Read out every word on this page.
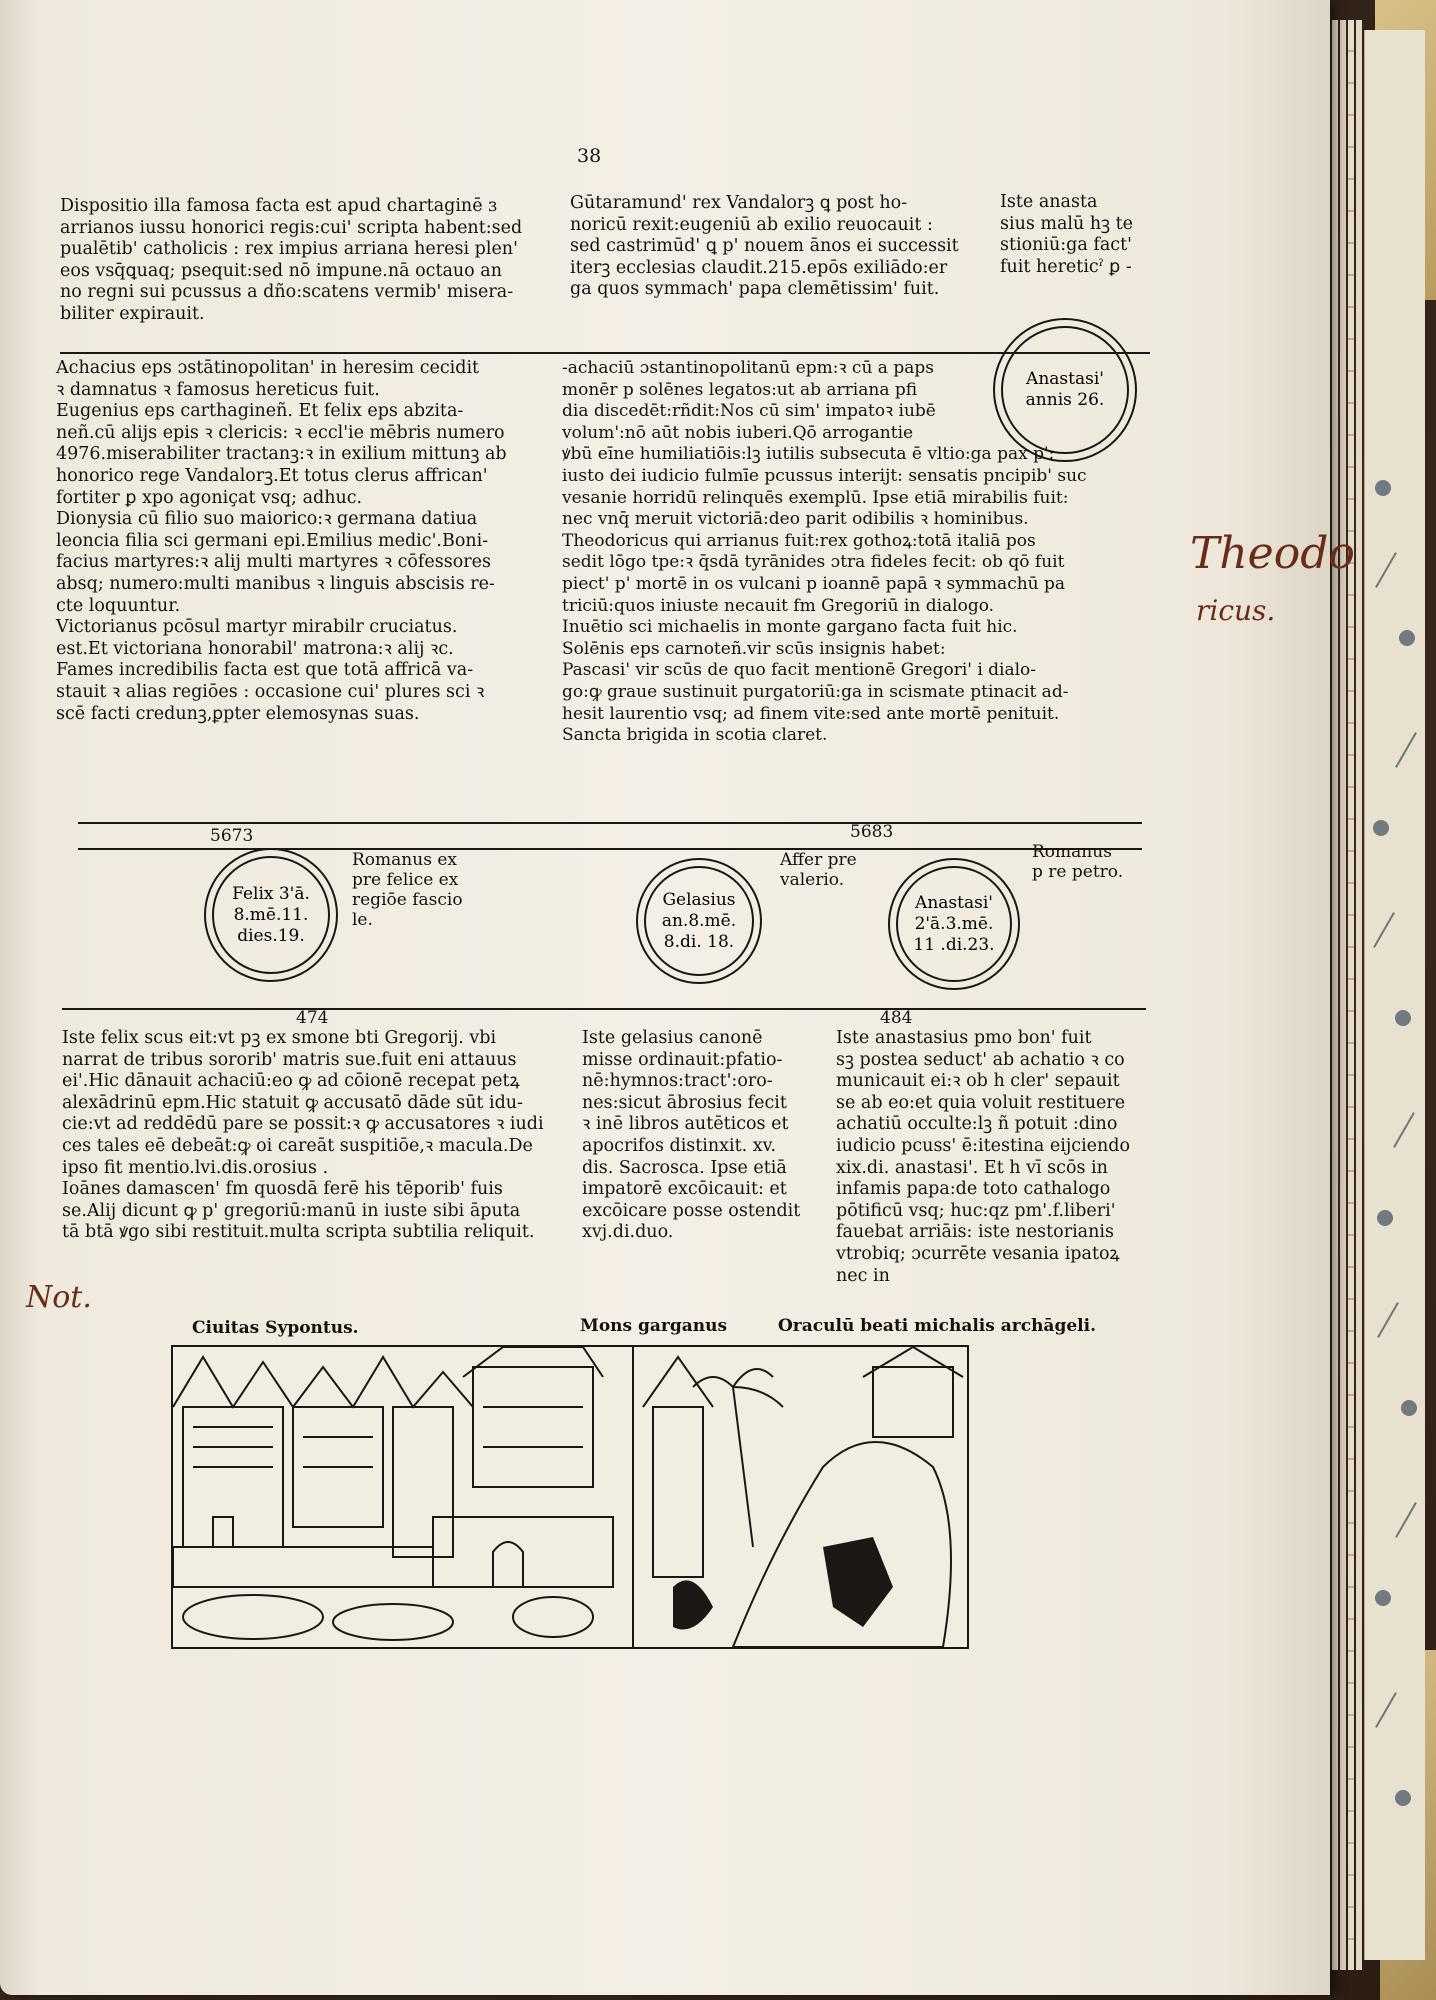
38

Dispositio illa famosa facta est apud chartaginē ɜ

arrianos iussu honorici regis:cui' scripta habent:sed

pualētib' catholicis : rex impius arriana heresi plen'

eos vsq̄ꝗuaq; psequit:sed nō impune.nā octauo an

no regni sui pcussus a dño:scatens vermib' misera-

biliter expirauit.

Gūtaramund' rex Vandalorꝫ ꝗ post ho-

noricū rexit:eugeniū ab exilio reuocauit :

sed castrimūd' ꝗ p' nouem ānos ei successit

iterꝫ ecclesias claudit.215.epōs exiliādo:er

ga quos symmach' papa clemētissim' fuit.

Iste anasta

sius malū hꝫ te

stioniū:ga fact'

fuit hereticˀ ꝑ -

Anastasi'
annis 26.

Achacius eps ɔstātinopolitan' in heresim cecidit

ꝛ damnatus ꝛ famosus hereticus fuit.

Eugenius eps carthagineñ. Et felix eps abzita-

neñ.cū alijs epis ꝛ clericis: ꝛ eccl'ie mēbris numero

4976.miserabiliter tractanꝫ:ꝛ in exilium mittunꝫ ab

honorico rege Vandalorꝫ.Et totus clerus affrican'

fortiter ꝑ xpo agoniçat vsq; adhuc.

Dionysia cū filio suo maiorico:ꝛ germana datiua

leoncia filia sci germani epi.Emilius medic'.Boni-

facius martyres:ꝛ alij multi martyres ꝛ cōfessores

absq; numero:multi manibus ꝛ linguis abscisis re-

cte loquuntur.

Victorianus pcōsul martyr mirabilr cruciatus.

est.Et victoriana honorabil' matrona:ꝛ alij ꝛc.

Fames incredibilis facta est que totā affricā va-

stauit ꝛ alias regiōes : occasione cui' plures sci ꝛ

scē facti credunꝫ,ꝑpter elemosynas suas.

-achaciū ɔstantinopolitanū epm:ꝛ cū a paps

monēr p solēnes legatos:ut ab arriana pfi

dia discedēt:rñdit:Nos cū sim' impatoꝛ iubē

volum':nō aūt nobis iuberi.Qō arrogantie

ꝟbū eīne humiliatiōis:lꝫ iutilis subsecuta ē vltio:ga pax p':

iusto dei iudicio fulmīe pcussus interijt: sensatis pncipib' suc

vesanie horridū relinquēs exemplū. Ipse etiā mirabilis fuit:

nec vnq̄ meruit victoriā:deo parit odibilis ꝛ hominibus.

Theodoricus qui arrianus fuit:rex gothoꝝ:totā italiā pos

sedit lōgo tpe:ꝛ q̄sdā tyrānides ɔtra fideles fecit: ob qō fuit

piect' p' mortē in os vulcani p ioannē papā ꝛ symmachū pa

triciū:quos iniuste necauit fm Gregoriū in dialogo.

Inuētio sci michaelis in monte gargano facta fuit hic.

Solēnis eps carnoteñ.vir scūs insignis habet:

Pascasi' vir scūs de quo facit mentionē Gregori' i dialo-

go:ꝙ graue sustinuit purgatoriū:ga in scismate ptinacit ad-

hesit laurentio vsq; ad finem vite:sed ante mortē penituit.

Sancta brigida in scotia claret.

5673	5683
Felix 3'ā.
8.mē.11.
dies.19.
Romanus ex
pre felice ex
regiōe fascio
le.
Gelasius
an.8.mē.
8.di. 18.
Affer pre
valerio.
Anastasi'
2'ā.3.mē.
11 .di.23.
Romanus
p re petro.
474	484

Iste felix scus eit:vt pꝫ ex smone bti Gregorij. vbi

narrat de tribus sororib' matris sue.fuit eni attauus

ei'.Hic dānauit achaciū:eo ꝙ ad cōionē recepat petꝝ

alexādrinū epm.Hic statuit ꝙ accusatō dāde sūt idu-

cie:vt ad reddēdū pare se possit:ꝛ ꝙ accusatores ꝛ iudi

ces tales eē debeāt:ꝙ oi careāt suspitiōe,ꝛ macula.De

ipso fit mentio.lvi.dis.orosius .

Ioānes damascen' fm quosdā ferē his tēporib' fuis

se.Alij dicunt ꝙ p' gregoriū:manū in iuste sibi āputa

tā btā ꝟgo sibi restituit.multa scripta subtilia reliquit.

Iste gelasius canonē

misse ordinauit:pfatio-

nē:hymnos:tract':oro-

nes:sicut ābrosius fecit

ꝛ inē libros autēticos et

apocrifos distinxit. xv.

dis. Sacrosca. Ipse etiā

impatorē excōicauit: et

excōicare posse ostendit

xvj.di.duo.

Iste anastasius pmo bon' fuit

sꝫ postea seduct' ab achatio ꝛ co

municauit ei:ꝛ ob h cler' sepauit

se ab eo:et quia voluit restituere

achatiū occulte:lꝫ ñ potuit :dino

iudicio pcuss' ē:itestina eijciendo

xix.di. anastasi'. Et h vī scōs in

infamis papa:de toto cathalogo

pōtificū vsq; huc:qz pm'.f.liberi'

fauebat arriāis: iste nestorianis

vtrobiq; ɔcurrēte vesania ipatoꝝ

nec in

Ciuitas Sypontus.	Mons garganus	Oraculū beati michalis archāgeli.

Theodo
ricus.
Not.
